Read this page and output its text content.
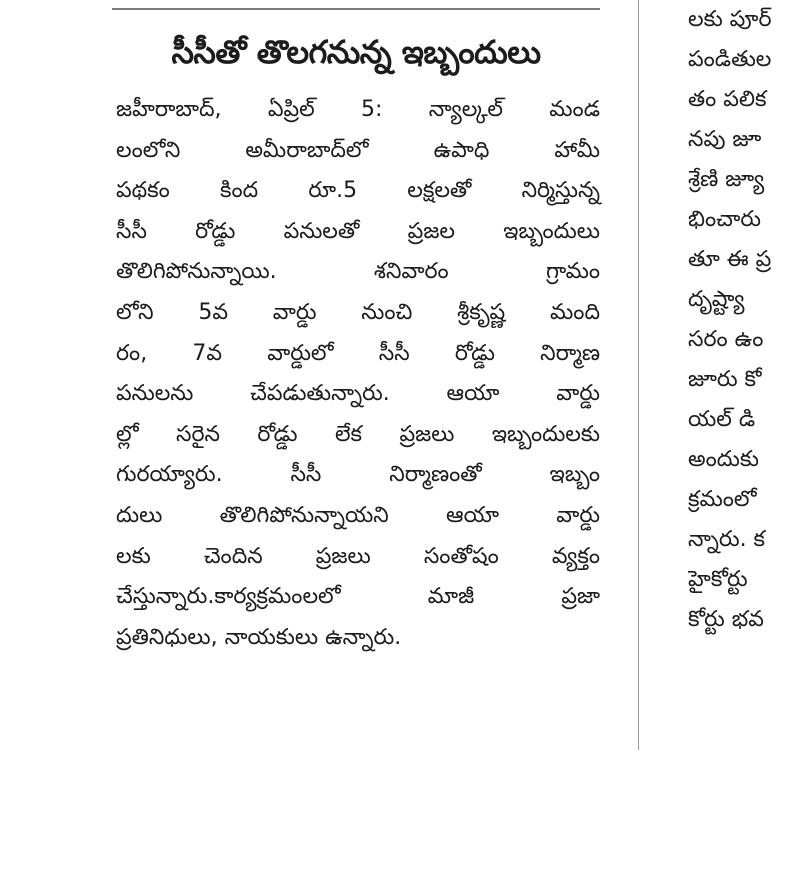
సీసీతో తొలగనున్న ఇబ్బందులు
జహీరాబాద్, ఏప్రిల్ 5: న్యాల్కల్ మండ
లంలోని అమీరాబాద్‌లో ఉపాధి హామీ
పథకం కింద రూ.5 లక్షలతో నిర్మిస్తున్న
సీసీ రోడ్డు పనులతో ప్రజల ఇబ్బందులు
తొలిగిపోనున్నాయి. శనివారం గ్రామం
లోని 5వ వార్డు నుంచి శ్రీకృష్ణ మంది
రం, 7వ వార్డులో సీసీ రోడ్డు నిర్మాణ
పనులను చేపడుతున్నారు. ఆయా వార్డు
ల్లో సరైన రోడ్డు లేక ప్రజలు ఇబ్బందులకు
గురయ్యారు. సీసీ నిర్మాణంతో ఇబ్బం
దులు తొలిగిపోనున్నాయని ఆయా వార్డు
లకు చెందిన ప్రజలు సంతోషం వ్యక్తం
చేస్తున్నారు.కార్యక్రమంలలో మాజీ ప్రజా
ప్రతినిధులు, నాయకులు ఉన్నారు.
లకు పూర్
పండితుల
తం పలిక
నపు జూ
శ్రేణి జ్యూ
భించారు
తూ ఈ ప్ర
దృష్ట్యా
సరం ఉం
జూరు కో
యల్ డి
అందుకు
క్రమంలో
న్నారు. క
హైకోర్టు
కోర్టు భవ
